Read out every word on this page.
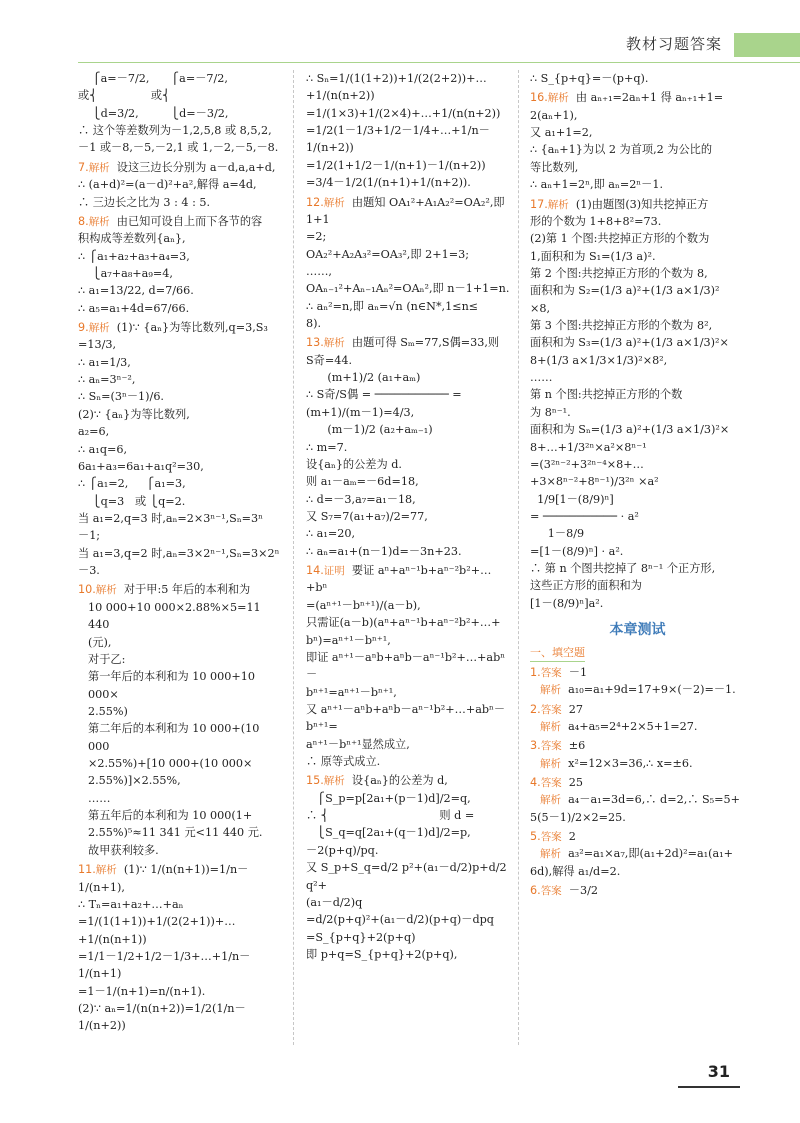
教材习题答案
⎧a=－7/2,      ⎧a=－7/2,
或⎨               或⎨
⎩d=3/2,         ⎩d=－3/2,
∴ 这个等差数列为－1,2,5,8 或 8,5,2,
－1 或－8,－5,－2,1 或 1,－2,－5,－8.
7.解析  设这三边长分别为 a－d,a,a+d,
∴ (a+d)²=(a－d)²+a²,解得 a=4d,
∴ 三边长之比为 3 : 4 : 5.
8.解析  由已知可设自上而下各节的容
积构成等差数列{aₙ},
∴ ⎧a₁+a₂+a₃+a₄=3,
⎩a₇+a₈+a₉=4,
∴ a₁=13/22, d=7/66.
∴ a₅=a₁+4d=67/66.
9.解析  (1)∵ {aₙ}为等比数列,q=3,S₃
=13/3,
∴ a₁=1/3,
∴ aₙ=3ⁿ⁻²,
∴ Sₙ=(3ⁿ－1)/6.
(2)∵ {aₙ}为等比数列,
a₂=6,
∴ a₁q=6,
6a₁+a₃=6a₁+a₁q²=30,
∴ ⎧a₁=2,     ⎧a₁=3,
⎩q=3   或 ⎩q=2.
当 a₁=2,q=3 时,aₙ=2×3ⁿ⁻¹,Sₙ=3ⁿ
－1;
当 a₁=3,q=2 时,aₙ=3×2ⁿ⁻¹,Sₙ=3×2ⁿ
－3.
10.解析  对于甲:5 年后的本利和为
10 000+10 000×2.88%×5=11 440
(元),
对于乙:
第一年后的本利和为 10 000+10 000×
2.55%)
第二年后的本利和为 10 000+(10 000
×2.55%)+[10 000+(10 000×
2.55%)]×2.55%,
……
第五年后的本利和为 10 000(1+
2.55%)⁵≈11 341 元<11 440 元.
故甲获利较多.
11.解析  (1)∵ 1/(n(n+1))=1/n－1/(n+1),
∴ Tₙ=a₁+a₂+…+aₙ
=1/(1(1+1))+1/(2(2+1))+…+1/(n(n+1))
=1/1－1/2+1/2－1/3+…+1/n－1/(n+1)
=1－1/(n+1)=n/(n+1).
(2)∵ aₙ=1/(n(n+2))=1/2(1/n－1/(n+2))
∴ Sₙ=1/(1(1+2))+1/(2(2+2))+…+1/(n(n+2))
=1/(1×3)+1/(2×4)+…+1/(n(n+2))
=1/2(1－1/3+1/2－1/4+…+1/n－1/(n+2))
=1/2(1+1/2－1/(n+1)－1/(n+2))
=3/4－1/2(1/(n+1)+1/(n+2)).
12.解析  由题知 OA₁²+A₁A₂²=OA₂²,即 1+1
=2;
OA₂²+A₂A₃²=OA₃²,即 2+1=3;
……,
OAₙ₋₁²+Aₙ₋₁Aₙ²=OAₙ²,即 n－1+1=n.
∴ aₙ²=n,即 aₙ=√n (n∈N*,1≤n≤
8).
13.解析  由题可得 Sₘ=77,S偶=33,则
S奇=44.
(m+1)/2 (a₁+aₘ)
∴ S奇/S偶 = ─────────── =(m+1)/(m－1)=4/3,
(m－1)/2 (a₂+aₘ₋₁)
∴ m=7.
设{aₙ}的公差为 d.
则 a₁－aₘ=－6d=18,
∴ d=－3,a₇=a₁－18,
又 S₇=7(a₁+a₇)/2=77,
∴ a₁=20,
∴ aₙ=a₁+(n－1)d=－3n+23.
14.证明  要证 aⁿ+aⁿ⁻¹b+aⁿ⁻²b²+…+bⁿ
=(aⁿ⁺¹－bⁿ⁺¹)/(a－b),
只需证(a－b)(aⁿ+aⁿ⁻¹b+aⁿ⁻²b²+…+
bⁿ)=aⁿ⁺¹－bⁿ⁺¹,
即证 aⁿ⁺¹－aⁿb+aⁿb－aⁿ⁻¹b²+…+abⁿ－
bⁿ⁺¹=aⁿ⁺¹－bⁿ⁺¹,
又 aⁿ⁺¹－aⁿb+aⁿb－aⁿ⁻¹b²+…+abⁿ－bⁿ⁺¹=
aⁿ⁺¹－bⁿ⁺¹显然成立,
∴ 原等式成立.
15.解析  设{aₙ}的公差为 d,
⎧S_p=p[2a₁+(p－1)d]/2=q,
∴ ⎨                               则 d =
⎩S_q=q[2a₁+(q－1)d]/2=p,
－2(p+q)/pq.
又 S_p+S_q=d/2 p²+(a₁－d/2)p+d/2 q²+
(a₁－d/2)q
=d/2(p+q)²+(a₁－d/2)(p+q)－dpq
=S_{p+q}+2(p+q)
即 p+q=S_{p+q}+2(p+q),
∴ S_{p+q}=－(p+q).
16.解析  由 aₙ₊₁=2aₙ+1 得 aₙ₊₁+1=
2(aₙ+1),
又 a₁+1=2,
∴ {aₙ+1}为以 2 为首项,2 为公比的
等比数列,
∴ aₙ+1=2ⁿ,即 aₙ=2ⁿ－1.
17.解析  (1)由题图(3)知共挖掉正方
形的个数为 1+8+8²=73.
(2)第 1 个图:共挖掉正方形的个数为
1,面积和为 S₁=(1/3 a)².
第 2 个图:共挖掉正方形的个数为 8,
面积和为 S₂=(1/3 a)²+(1/3 a×1/3)²
×8,
第 3 个图:共挖掉正方形的个数为 8²,
面积和为 S₃=(1/3 a)²+(1/3 a×1/3)²×
8+(1/3 a×1/3×1/3)²×8²,
……
第 n 个图:共挖掉正方形的个数
为 8ⁿ⁻¹.
面积和为 Sₙ=(1/3 a)²+(1/3 a×1/3)²×
8+…+1/3²ⁿ×a²×8ⁿ⁻¹
=(3²ⁿ⁻²+3²ⁿ⁻⁴×8+…+3×8ⁿ⁻²+8ⁿ⁻¹)/3²ⁿ ×a²
1/9[1－(8/9)ⁿ]
= ─────────── · a²
1－8/9
=[1－(8/9)ⁿ] · a².
∴ 第 n 个图共挖掉了 8ⁿ⁻¹ 个正方形,
这些正方形的面积和为
[1－(8/9)ⁿ]a².
本章测试
一、填空题
1.答案  －1
解析  a₁₀=a₁+9d=17+9×(－2)=－1.
2.答案  27
解析  a₄+a₅=2⁴+2×5+1=27.
3.答案  ±6
解析  x²=12×3=36,∴ x=±6.
4.答案  25
解析  a₄－a₁=3d=6,∴ d=2,∴ S₅=5+
5(5－1)/2×2=25.
5.答案  2
解析  a₃²=a₁×a₇,即(a₁+2d)²=a₁(a₁+
6d),解得 a₁/d=2.
6.答案  －3/2
31
